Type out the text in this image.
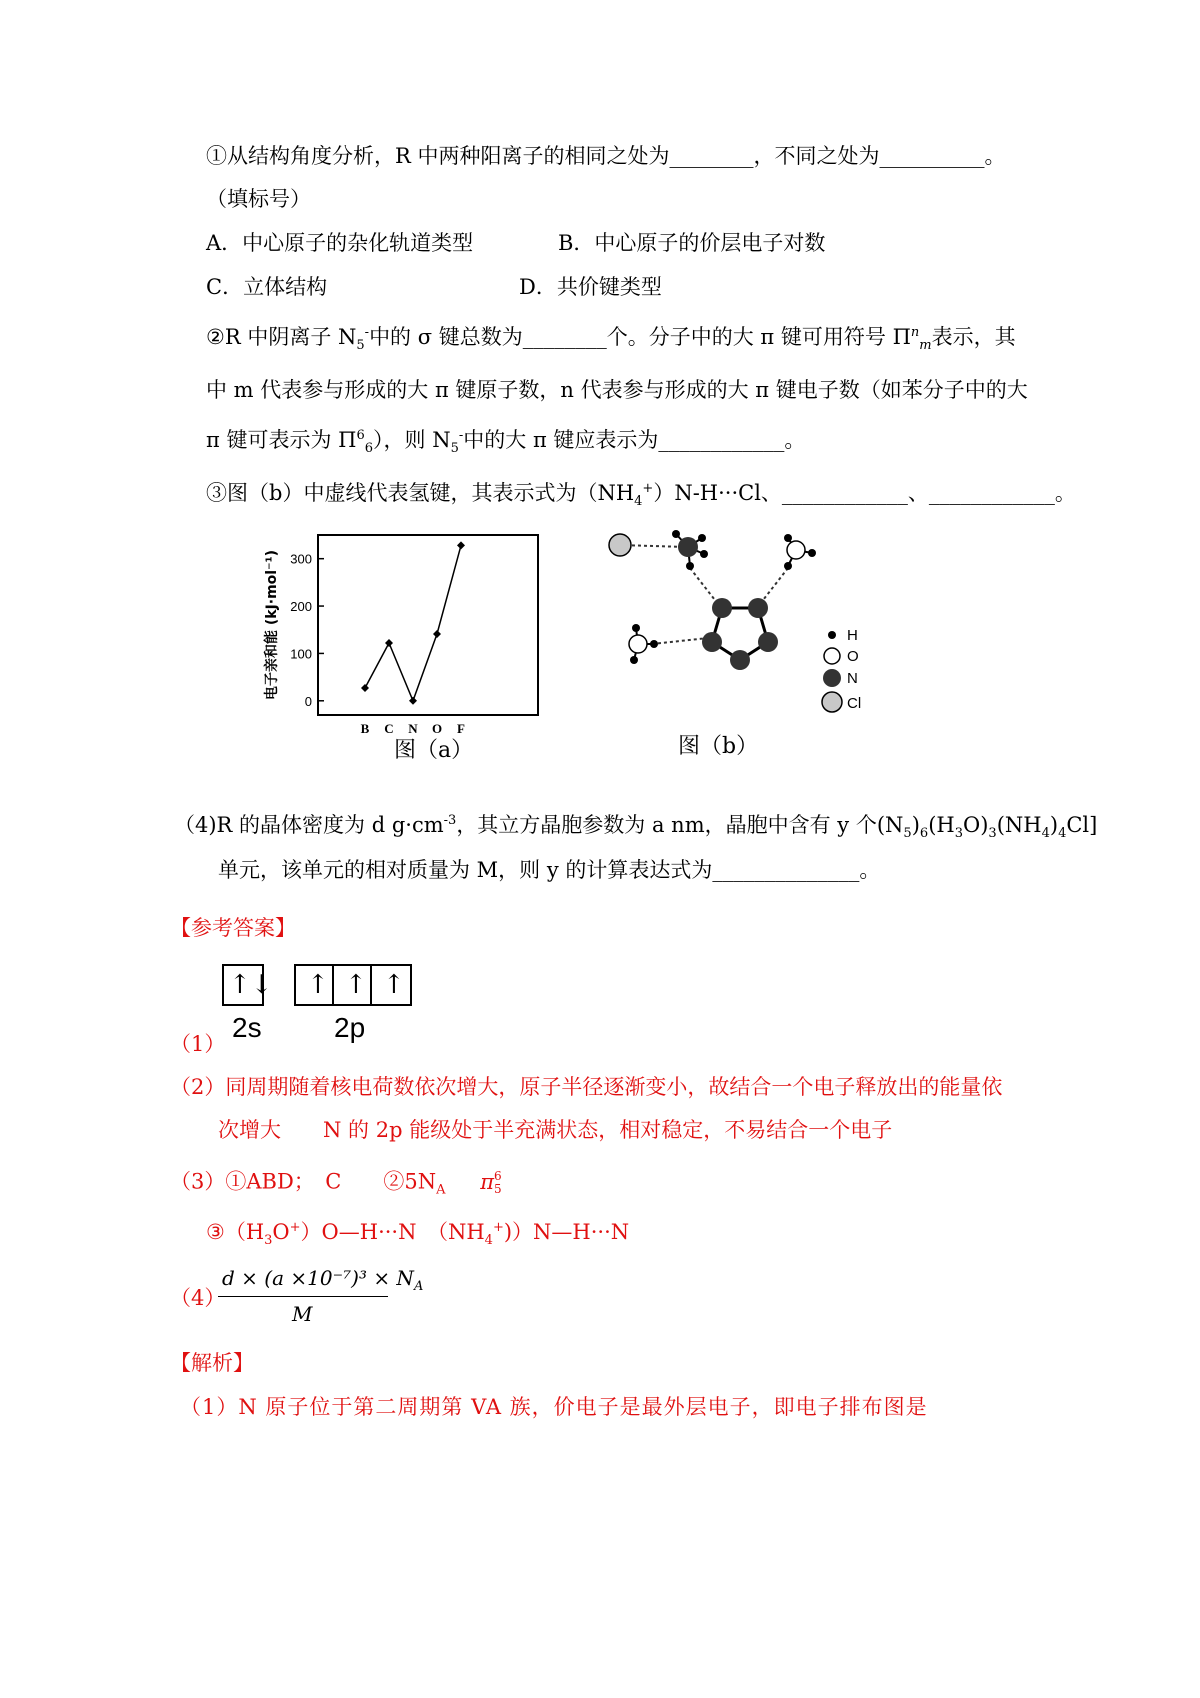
①从结构角度分析，R 中两种阳离子的相同之处为________，不同之处为__________。
（填标号）
A．中心原子的杂化轨道类型	B．中心原子的价层电子对数
C．立体结构	D．共价键类型
②R 中阴离子 $N_5^-$中的 σ 键总数为________个。分子中的大 π 键可用符号 $\Pi^n_m$表示，其
中 m 代表参与形成的大 π 键原子数，n 代表参与形成的大 π 键电子数（如苯分子中的大
π 键可表示为 $\Pi^6_6$），则 $N_5^-$中的大 π 键应表示为____________。
③图（b）中虚线代表氢键，其表示式为$(NH_4^+)N-H\cdot\cdot\cdot Cl$、____________、____________。
0
100
200
300
B C N O F
电子亲和能 (kJ·mol⁻¹)
图（a）
H
O
N
Cl
图（b）
（4)R 的晶体密度为 d $g\cdot cm^{-3}$，其立方晶胞参数为 a nm，晶胞中含有 y 个$(N_5)_6(H_3O)_3(NH_4)_4Cl$]
单元，该单元的相对质量为 M，则 y 的计算表达式为______________。
【参考答案】
↑↓ ↑ ↑ ↑
2s	2p
（1）
（2）同周期随着核电荷数依次增大，原子半径逐渐变小，故结合一个电子释放出的能量依
次增大　　N 的 2p 能级处于半充满状态，相对稳定，不易结合一个电子
（3）①ABD；　C　　$②5N_A$ π6
5
$③(H_3O^+)O—H\cdot\cdot\cdot N$　$(NH_4^+))N—H\cdot\cdot\cdot N$
（4）
$d \times (a \times 10^{-7})^3 \times N_A$
M
【解析】
（1）N 原子位于第二周期第 VA 族，价电子是最外层电子，即电子排布图是
